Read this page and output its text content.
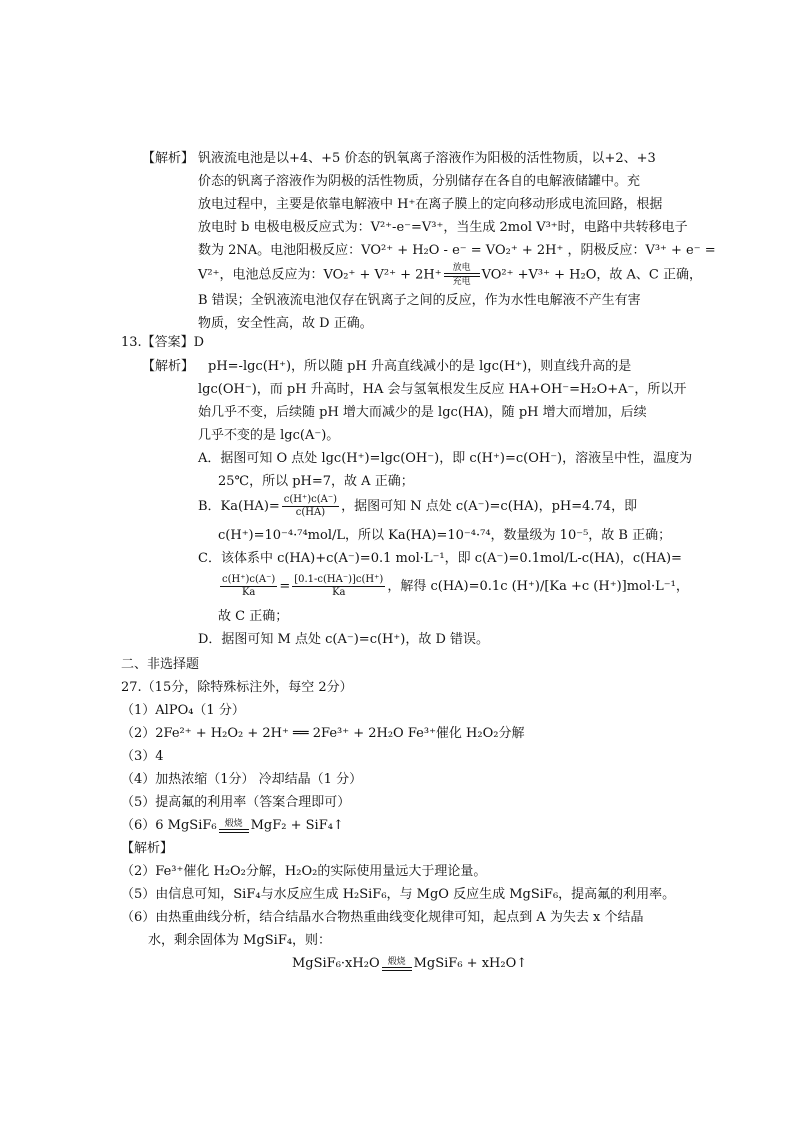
【解析】 钒液流电池是以+4、+5 价态的钒氧离子溶液作为阳极的活性物质，以+2、+3
价态的钒离子溶液作为阴极的活性物质，分别储存在各自的电解液储罐中。充
放电过程中，主要是依靠电解液中 H⁺在离子膜上的定向移动形成电流回路，根据
放电时 b 电极电极反应式为：V²⁺-e⁻=V³⁺，当生成 2mol V³⁺时，电路中共转移电子
数为 2NA。电池阳极反应：VO²⁺ + H₂O - e⁻ = VO₂⁺ + 2H⁺ ，阴极反应：V³⁺ + e⁻ =
V²⁺，电池总反应为：VO₂⁺ + V²⁺ + 2H⁺	放电
充电 VO²⁺ +V³⁺ + H₂O，故 A、C 正确，
B 错误；全钒液流电池仅存在钒离子之间的反应，作为水性电解液不产生有害
物质，安全性高，故 D 正确。
13.【答案】D
【解析】 pH=-lgc(H⁺)，所以随 pH 升高直线减小的是 lgc(H⁺)，则直线升高的是
lgc(OH⁻)，而 pH 升高时，HA 会与氢氧根发生反应 HA+OH⁻=H₂O+A⁻，所以开
始几乎不变，后续随 pH 增大而减少的是 lgc(HA)，随 pH 增大而增加，后续
几乎不变的是 lgc(A⁻)。
A．据图可知 O 点处 lgc(H⁺)=lgc(OH⁻)，即 c(H⁺)=c(OH⁻)，溶液呈中性，温度为
25℃，所以 pH=7，故 A 正确；
B．$Ka(HA)= \frac{c(H^+)c(A^-)}{c(HA)}$ ，据图可知 N 点处 c(A⁻)=c(HA)，pH=4.74，即
c(H⁺)=10⁻⁴·⁷⁴mol/L，所以 Ka(HA)=10⁻⁴·⁷⁴，数量级为 10⁻⁵，故 B 正确；
C．该体系中 c(HA)+c(A⁻)=0.1 mol·L⁻¹，即 c(A⁻)=0.1mol/L-c(HA)，c(HA)=
$\frac{c(H^+)c(A^-)}{Ka} = \frac{[0.1-c(HA^-)]c(H^+)}{Ka}$ ，解得 c(HA)=0.1c (H⁺)/[Ka +c (H⁺)]mol·L⁻¹，
故 C 正确；
D．据图可知 M 点处 c(A⁻)=c(H⁺)，故 D 错误。
二、非选择题
27.（15分，除特殊标注外，每空 2分）
（1）AlPO₄（1 分）
（2）2Fe²⁺ + H₂O₂ + 2H⁺ ══ 2Fe³⁺ + 2H₂O Fe³⁺催化 H₂O₂分解
（3）4
（4）加热浓缩（1分） 冷却结晶（1 分）
（5）提高氟的利用率（答案合理即可）
（6）6 MgSiF₆ 煅烧 MgF₂ + SiF₄↑
【解析】
（2）Fe³⁺催化 H₂O₂分解，H₂O₂的实际使用量远大于理论量。
（5）由信息可知，SiF₄与水反应生成 H₂SiF₆，与 MgO 反应生成 MgSiF₆，提高氟的利用率。
（6）由热重曲线分析，结合结晶水合物热重曲线变化规律可知，起点到 A 为失去 x 个结晶
水，剩余固体为 MgSiF₄，则：
MgSiF₆·xH₂O 煅烧 MgSiF₆ + xH₂O↑
